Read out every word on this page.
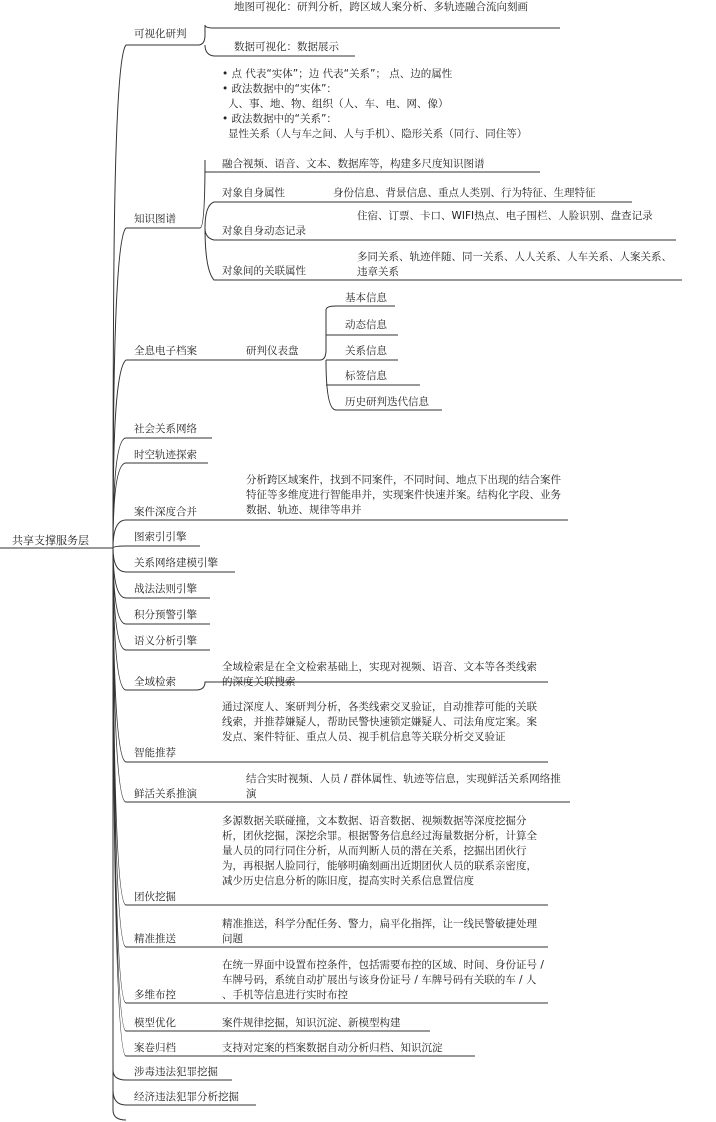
共享支撑服务层
可视化研判
地图可视化：研判分析，跨区域人案分析、多轨迹融合流向刻画
数据可视化：数据展示
知识图谱
• 点 代表“实体”；边 代表“关系”； 点、边的属性
• 政法数据中的“实体”：
人、事、地、物、组织（人、车、电、网、像）
• 政法数据中的“关系”：
显性关系（人与车之间、人与手机）、隐形关系（同行、同住等）
融合视频、语音、文本、数据库等，构建多尺度知识图谱
对象自身属性	身份信息、背景信息、重点人类别、行为特征、生理特征
对象自身动态记录
住宿、订票、卡口、WIFI热点、电子围栏、人脸识别、盘查记录
对象间的关联属性
多同关系、轨迹伴随、同一关系、人人关系、人车关系、人案关系、违章关系
全息电子档案	研判仪表盘
基本信息
动态信息
关系信息
标签信息
历史研判迭代信息
社会关系网络
时空轨迹探索
案件深度合并
分析跨区域案件，找到不同案件，不同时间、地点下出现的结合案件特征等多维度进行智能串并，实现案件快速并案。结构化字段、业务数据、轨迹、规律等串并
图索引引擎
关系网络建模引擎
战法法则引擎
积分预警引擎
语义分析引擎
全域检索
全域检索是在全文检索基础上，实现对视频、语音、文本等各类线索的深度关联搜索
智能推荐
通过深度人、案研判分析，各类线索交叉验证，自动推荐可能的关联线索，并推荐嫌疑人，帮助民警快速锁定嫌疑人、司法角度定案。案发点、案件特征、重点人员、视手机信息等关联分析交叉验证
鲜活关系推演
结合实时视频、人员 / 群体属性、轨迹等信息，实现鲜活关系网络推演
团伙挖掘
多源数据关联碰撞，文本数据、语音数据、视频数据等深度挖掘分析，团伙挖掘，深挖余罪。根据警务信息经过海量数据分析，计算全量人员的同行同住分析，从而判断人员的潜在关系，挖掘出团伙行为，再根据人脸同行，能够明确刻画出近期团伙人员的联系亲密度，减少历史信息分析的陈旧度，提高实时关系信息置信度
精准推送
精准推送，科学分配任务、警力，扁平化指挥，让一线民警敏捷处理问题
多维布控
在统一界面中设置布控条件，包括需要布控的区域、时间、身份证号 / 车牌号码，系统自动扩展出与该身份证号 / 车牌号码有关联的车 / 人 、手机等信息进行实时布控
模型优化	案件规律挖掘，知识沉淀、新模型构建
案卷归档	支持对定案的档案数据自动分析归档、知识沉淀
涉毒违法犯罪挖掘
经济违法犯罪分析挖掘
